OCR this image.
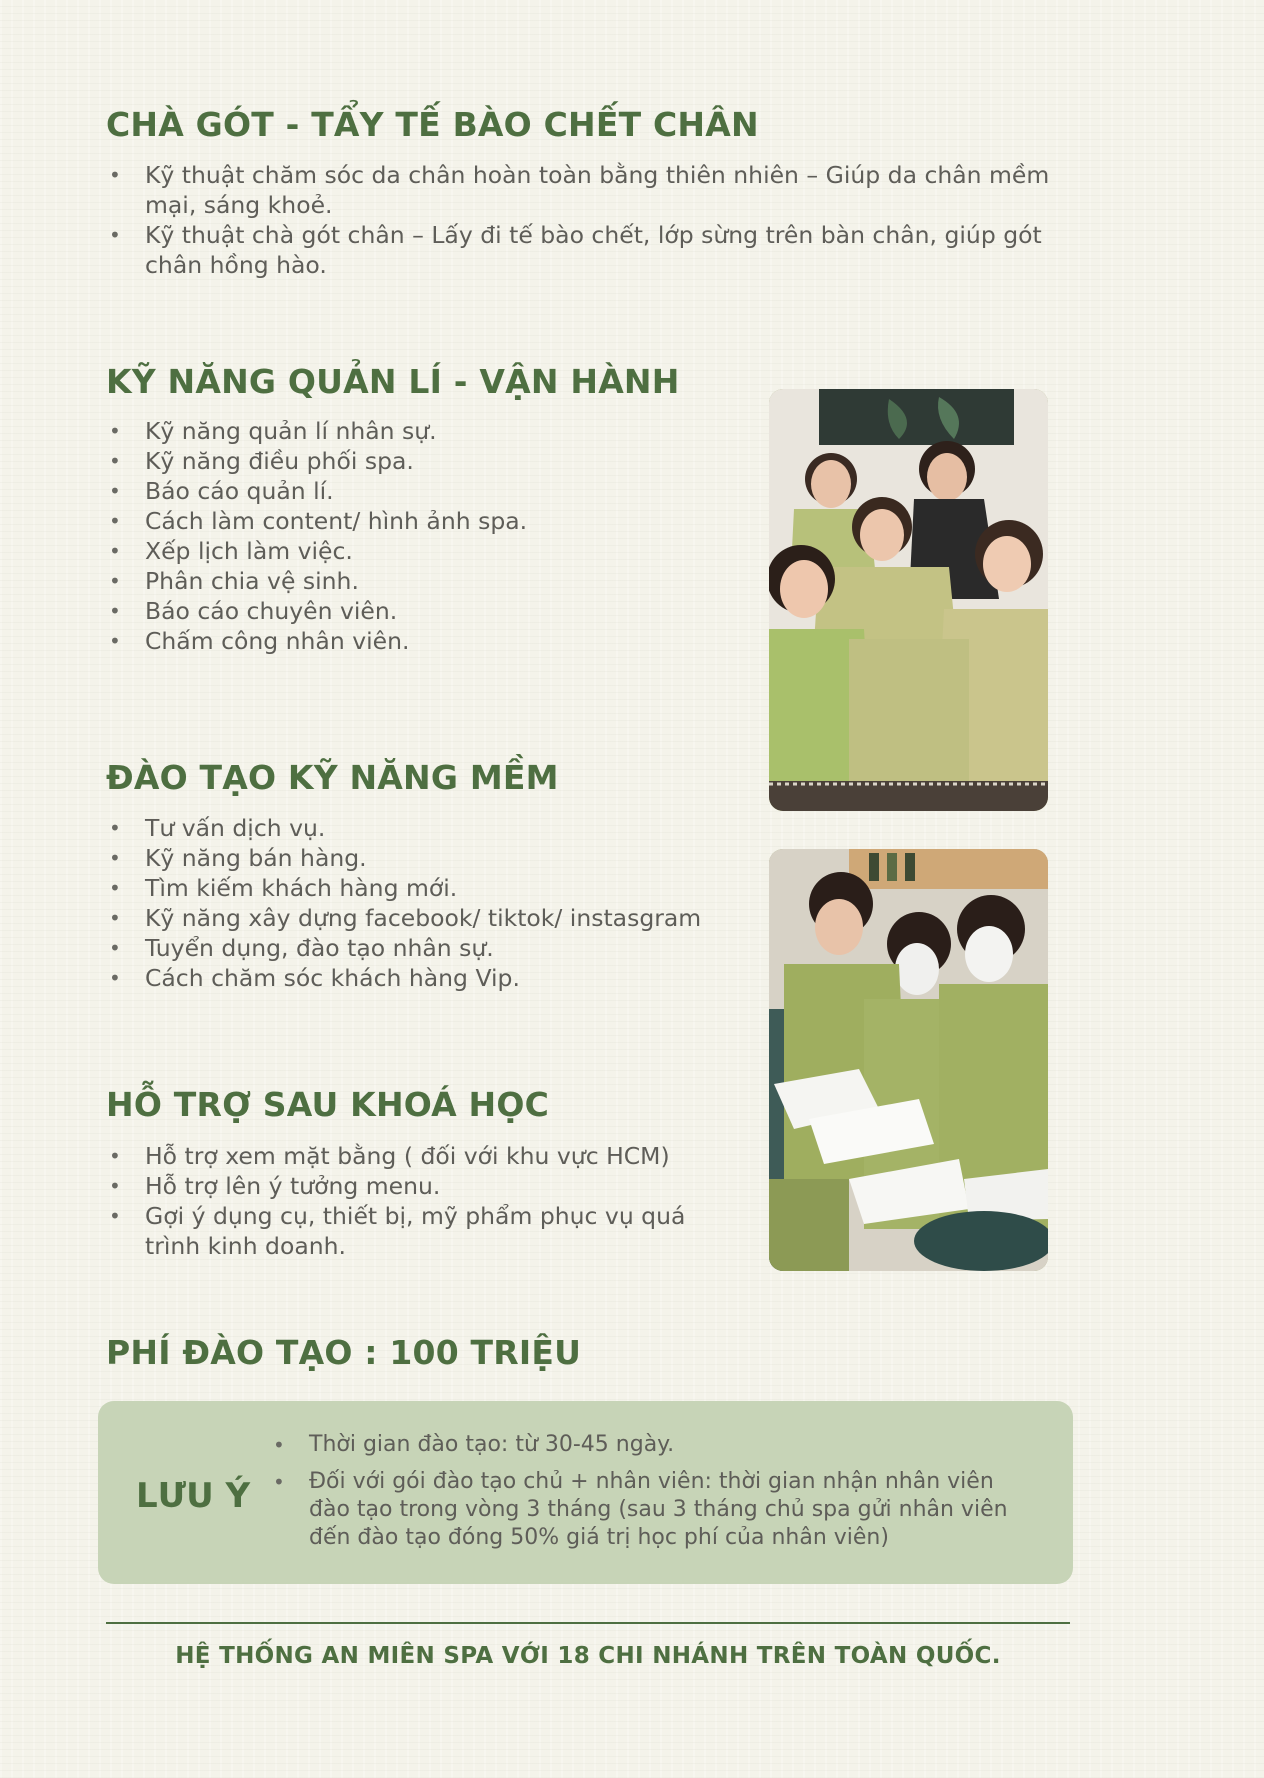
CHÀ GÓT - TẨY TẾ BÀO CHẾT CHÂN
• Kỹ thuật chăm sóc da chân hoàn toàn bằng thiên nhiên – Giúp da chân mềm mại, sáng khoẻ.
• Kỹ thuật chà gót chân – Lấy đi tế bào chết, lớp sừng trên bàn chân, giúp gót chân hồng hào.
KỸ NĂNG QUẢN LÍ - VẬN HÀNH
• Kỹ năng quản lí nhân sự.
• Kỹ năng điều phối spa.
• Báo cáo quản lí.
• Cách làm content/ hình ảnh spa.
• Xếp lịch làm việc.
• Phân chia vệ sinh.
• Báo cáo chuyên viên.
• Chấm công nhân viên.
ĐÀO TẠO KỸ NĂNG MỀM
• Tư vấn dịch vụ.
• Kỹ năng bán hàng.
• Tìm kiếm khách hàng mới.
• Kỹ năng xây dựng facebook/ tiktok/ instasgram
• Tuyển dụng, đào tạo nhân sự.
• Cách chăm sóc khách hàng Vip.
HỖ TRỢ SAU KHOÁ HỌC
• Hỗ trợ xem mặt bằng ( đối với khu vực HCM)
• Hỗ trợ lên ý tưởng menu.
• Gợi ý dụng cụ, thiết bị, mỹ phẩm phục vụ quá trình kinh doanh.
PHÍ ĐÀO TẠO : 100 TRIỆU

LƯU Ý

• Thời gian đào tạo: từ 30-45 ngày.
• Đối với gói đào tạo chủ + nhân viên: thời gian nhận nhân viên đào tạo trong vòng 3 tháng (sau 3 tháng chủ spa gửi nhân viên đến đào tạo đóng 50% giá trị học phí của nhân viên)

HỆ THỐNG AN MIÊN SPA VỚI 18 CHI NHÁNH TRÊN TOÀN QUỐC.
